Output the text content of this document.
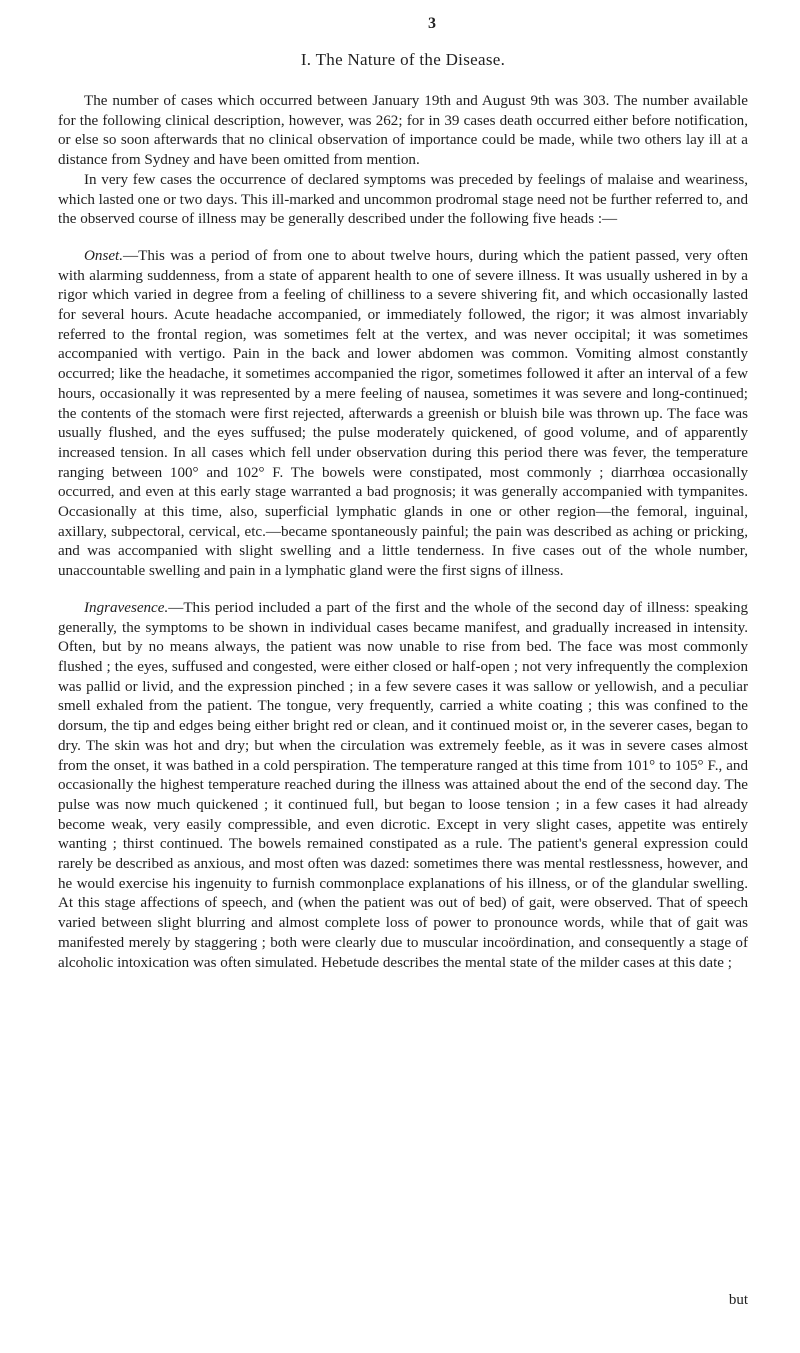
3
I. The Nature of the Disease.

The number of cases which occurred between January 19th and August 9th was 303. The number available for the following clinical description, however, was 262; for in 39 cases death occurred either before notification, or else so soon afterwards that no clinical observation of importance could be made, while two others lay ill at a distance from Sydney and have been omitted from mention.

In very few cases the occurrence of declared symptoms was preceded by feelings of malaise and weariness, which lasted one or two days. This ill-marked and uncommon prodromal stage need not be further referred to, and the observed course of illness may be generally described under the following five heads :—

Onset.—This was a period of from one to about twelve hours, during which the patient passed, very often with alarming suddenness, from a state of apparent health to one of severe illness. It was usually ushered in by a rigor which varied in degree from a feeling of chilliness to a severe shivering fit, and which occasionally lasted for several hours. Acute headache accompanied, or immediately followed, the rigor; it was almost invariably referred to the frontal region, was sometimes felt at the vertex, and was never occipital; it was sometimes accompanied with vertigo. Pain in the back and lower abdomen was common. Vomiting almost constantly occurred; like the headache, it sometimes accompanied the rigor, sometimes followed it after an interval of a few hours, occasionally it was represented by a mere feeling of nausea, sometimes it was severe and long-continued; the contents of the stomach were first rejected, afterwards a greenish or bluish bile was thrown up. The face was usually flushed, and the eyes suffused; the pulse moderately quickened, of good volume, and of apparently increased tension. In all cases which fell under observation during this period there was fever, the temperature ranging between 100° and 102° F. The bowels were constipated, most commonly ; diarrhœa occasionally occurred, and even at this early stage warranted a bad prognosis; it was generally accompanied with tympanites. Occasionally at this time, also, superficial lymphatic glands in one or other region—the femoral, inguinal, axillary, subpectoral, cervical, etc.—became spontaneously painful; the pain was described as aching or pricking, and was accompanied with slight swelling and a little tenderness. In five cases out of the whole number, unaccountable swelling and pain in a lymphatic gland were the first signs of illness.

Ingravesence.—This period included a part of the first and the whole of the second day of illness: speaking generally, the symptoms to be shown in individual cases became manifest, and gradually increased in intensity. Often, but by no means always, the patient was now unable to rise from bed. The face was most commonly flushed ; the eyes, suffused and congested, were either closed or half-open ; not very infrequently the complexion was pallid or livid, and the expression pinched ; in a few severe cases it was sallow or yellowish, and a peculiar smell exhaled from the patient. The tongue, very frequently, carried a white coating ; this was confined to the dorsum, the tip and edges being either bright red or clean, and it continued moist or, in the severer cases, began to dry. The skin was hot and dry; but when the circulation was extremely feeble, as it was in severe cases almost from the onset, it was bathed in a cold perspiration. The temperature ranged at this time from 101° to 105° F., and occasionally the highest temperature reached during the illness was attained about the end of the second day. The pulse was now much quickened ; it continued full, but began to loose tension ; in a few cases it had already become weak, very easily compressible, and even dicrotic. Except in very slight cases, appetite was entirely wanting ; thirst continued. The bowels remained constipated as a rule. The patient's general expression could rarely be described as anxious, and most often was dazed: sometimes there was mental restlessness, however, and he would exercise his ingenuity to furnish commonplace explanations of his illness, or of the glandular swelling. At this stage affections of speech, and (when the patient was out of bed) of gait, were observed. That of speech varied between slight blurring and almost complete loss of power to pronounce words, while that of gait was manifested merely by staggering ; both were clearly due to muscular incoördination, and consequently a stage of alcoholic intoxication was often simulated. Hebetude describes the mental state of the milder cases at this date ;

but
